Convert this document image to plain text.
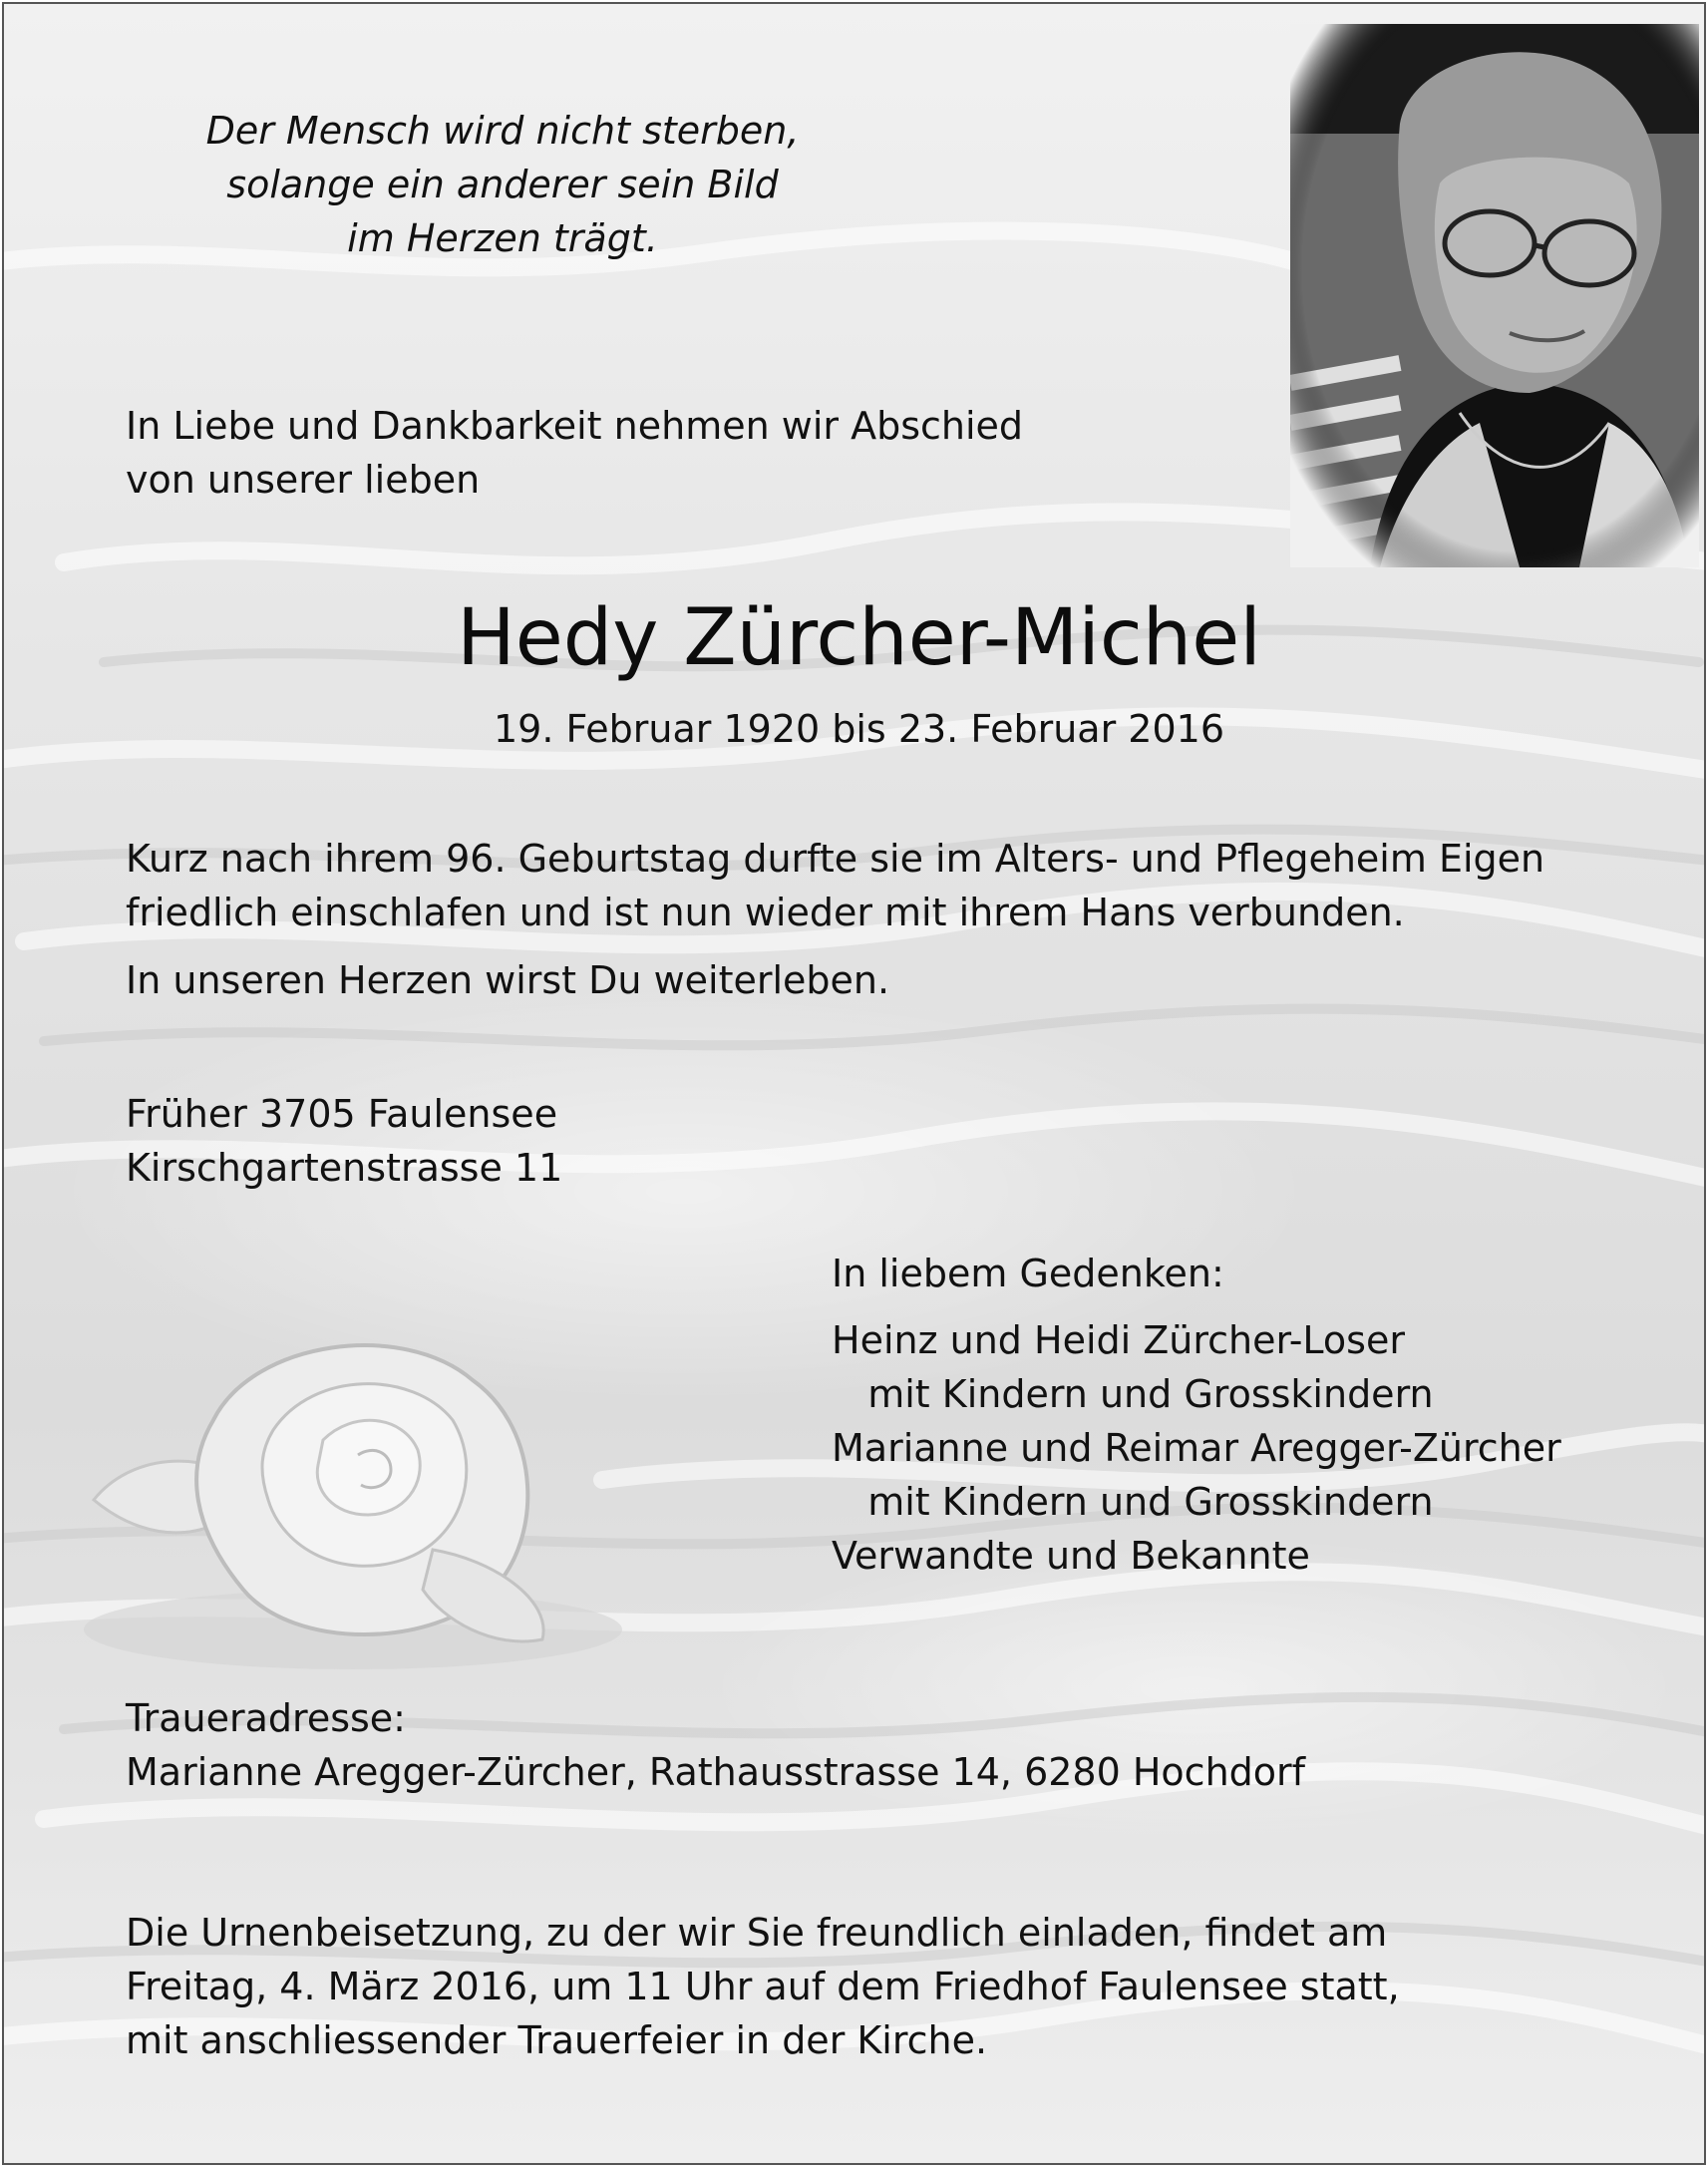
Der Mensch wird nicht sterben,
solange ein anderer sein Bild
im Herzen trägt.
In Liebe und Dankbarkeit nehmen wir Abschied
von unserer lieben
Hedy Zürcher-Michel
19. Februar 1920 bis 23. Februar 2016
Kurz nach ihrem 96. Geburtstag durfte sie im Alters- und Pflegeheim Eigen
friedlich einschlafen und ist nun wieder mit ihrem Hans verbunden.
In unseren Herzen wirst Du weiterleben.
Früher 3705 Faulensee
Kirschgartenstrasse 11
In liebem Gedenken:
Heinz und Heidi Zürcher-Loser
mit Kindern und Grosskindern
Marianne und Reimar Aregger-Zürcher
mit Kindern und Grosskindern
Verwandte und Bekannte
Traueradresse:
Marianne Aregger-Zürcher, Rathausstrasse 14, 6280 Hochdorf
Die Urnenbeisetzung, zu der wir Sie freundlich einladen, findet am
Freitag, 4. März 2016, um 11 Uhr auf dem Friedhof Faulensee statt,
mit anschliessender Trauerfeier in der Kirche.
